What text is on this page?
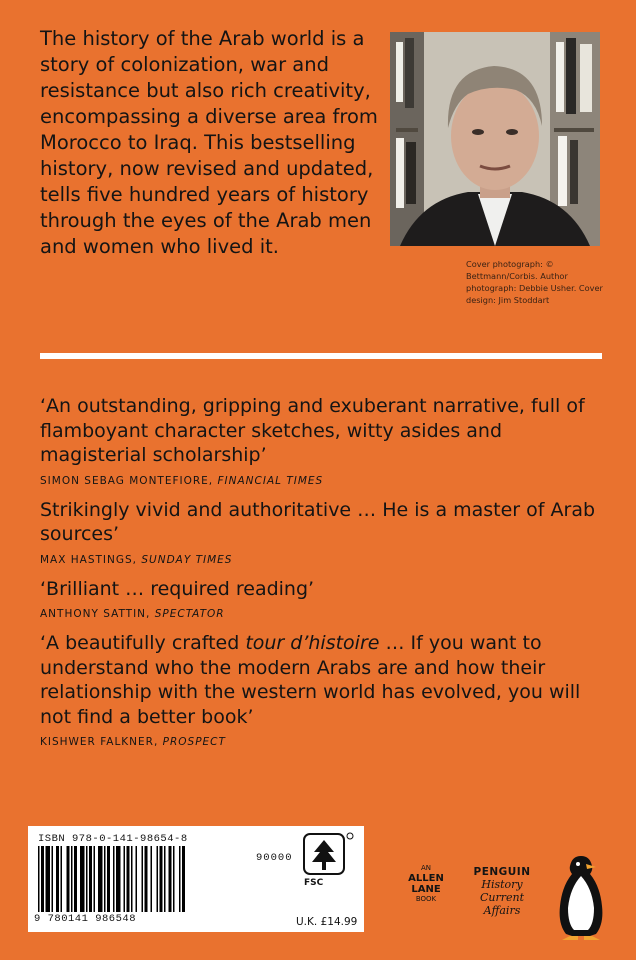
The history of the Arab world is a story of colonization, war and resistance but also rich creativity, encompassing a diverse area from Morocco to Iraq. This bestselling history, now revised and updated, tells five hundred years of history through the eyes of the Arab men and women who lived it.

Cover photograph: © Bettmann/Corbis. Author photograph: Debbie Usher. Cover design: Jim Stoddart

‘An outstanding, gripping and exuberant narrative, full of flamboyant character sketches, witty asides and magisterial scholarship’

SIMON SEBAG MONTEFIORE, FINANCIAL TIMES

Strikingly vivid and authoritative … He is a master of Arab sources’

MAX HASTINGS, SUNDAY TIMES

‘Brilliant … required reading’

ANTHONY SATTIN, SPECTATOR

‘A beautifully crafted tour d’histoire … If you want to understand who the modern Arabs are and how their relationship with the western world has evolved, you will not find a better book’

KISHWER FALKNER, PROSPECT

ISBN 978-0-141-98654-8
9 780141 986548
90000
FSC
U.K. £14.99
AN
ALLEN
LANE
BOOK
PENGUIN
History
Current Affairs
